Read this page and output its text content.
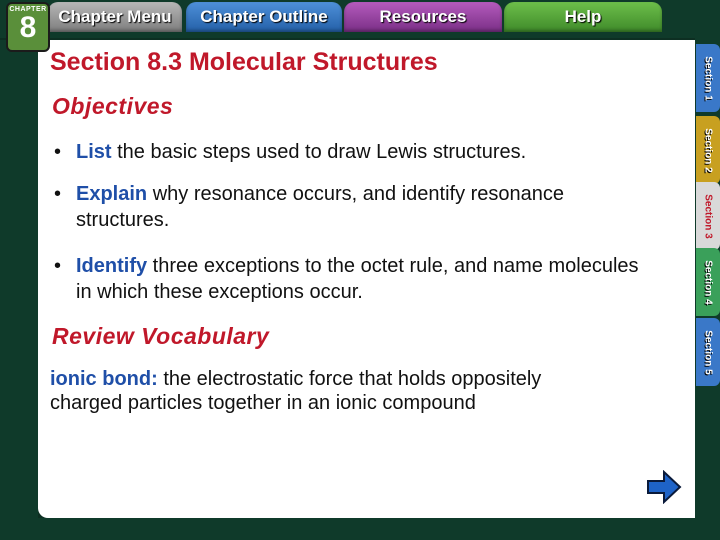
CHAPTER
8	Chapter Menu	Chapter Outline	Resources	Help
Section 1
Section 2
Section 3
Section 4
Section 5
Section 8.3 Molecular Structures
Objectives
• List the basic steps used to draw Lewis structures.
• Explain why resonance occurs, and identify resonance structures.
• Identify three exceptions to the octet rule, and name molecules in which these exceptions occur.
Review Vocabulary
ionic bond: the electrostatic force that holds oppositely charged particles together in an ionic compound
